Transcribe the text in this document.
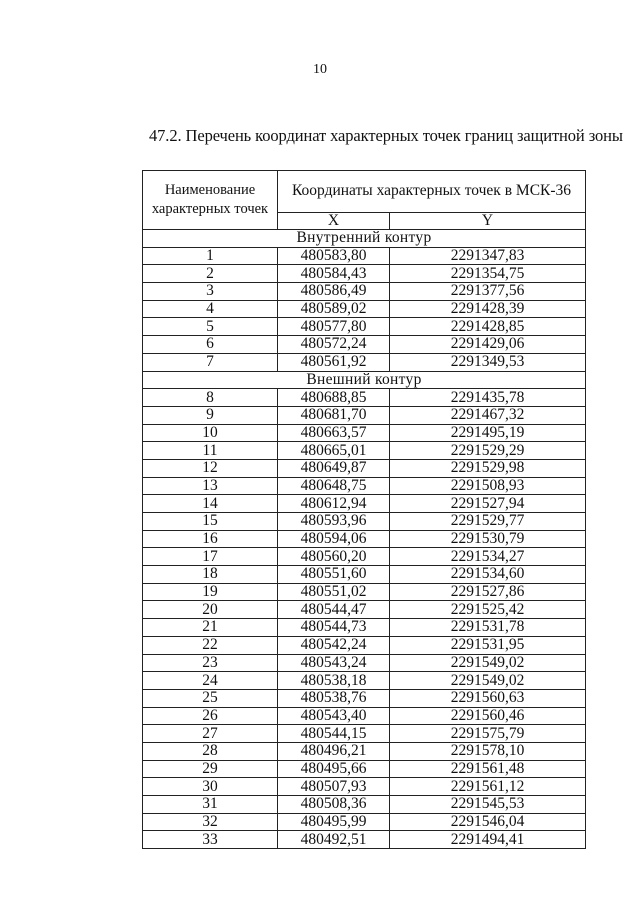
10
47.2. Перечень координат характерных точек границ защитной зоны
Наименование
характерных точек	Координаты характерных точек в МСК-36	
	X	Y
Внутренний контур		
1	480583,80	2291347,83
2	480584,43	2291354,75
3	480586,49	2291377,56
4	480589,02	2291428,39
5	480577,80	2291428,85
6	480572,24	2291429,06
7	480561,92	2291349,53
Внешний контур		
8	480688,85	2291435,78
9	480681,70	2291467,32
10	480663,57	2291495,19
11	480665,01	2291529,29
12	480649,87	2291529,98
13	480648,75	2291508,93
14	480612,94	2291527,94
15	480593,96	2291529,77
16	480594,06	2291530,79
17	480560,20	2291534,27
18	480551,60	2291534,60
19	480551,02	2291527,86
20	480544,47	2291525,42
21	480544,73	2291531,78
22	480542,24	2291531,95
23	480543,24	2291549,02
24	480538,18	2291549,02
25	480538,76	2291560,63
26	480543,40	2291560,46
27	480544,15	2291575,79
28	480496,21	2291578,10
29	480495,66	2291561,48
30	480507,93	2291561,12
31	480508,36	2291545,53
32	480495,99	2291546,04
33	480492,51	2291494,41
